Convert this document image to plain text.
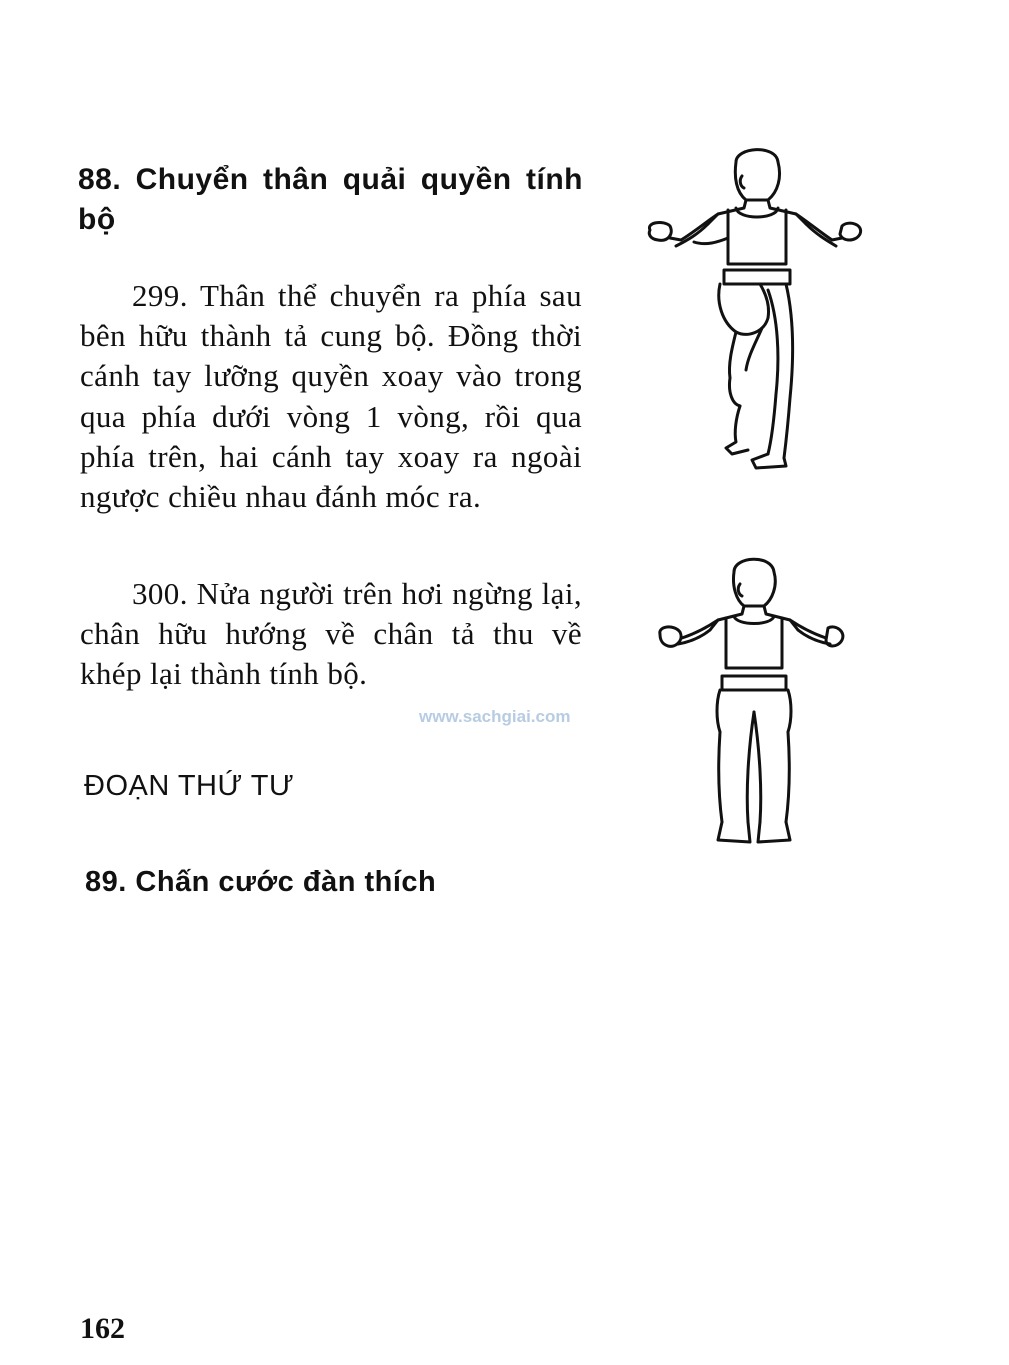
88. Chuyển thân quải quyền tính bộ
299. Thân thể chuyển ra phía sau bên hữu thành tả cung bộ. Đồng thời cánh tay lưỡng quyền xoay vào trong qua phía dưới vòng 1 vòng, rồi qua phía trên, hai cánh tay xoay ra ngoài ngược chiều nhau đánh móc ra.
300. Nửa người trên hơi ngừng lại, chân hữu hướng về chân tả thu về khép lại thành tính bộ.
ĐOẠN THỨ TƯ
89. Chấn cước đàn thích
162
www.sachgiai.com
